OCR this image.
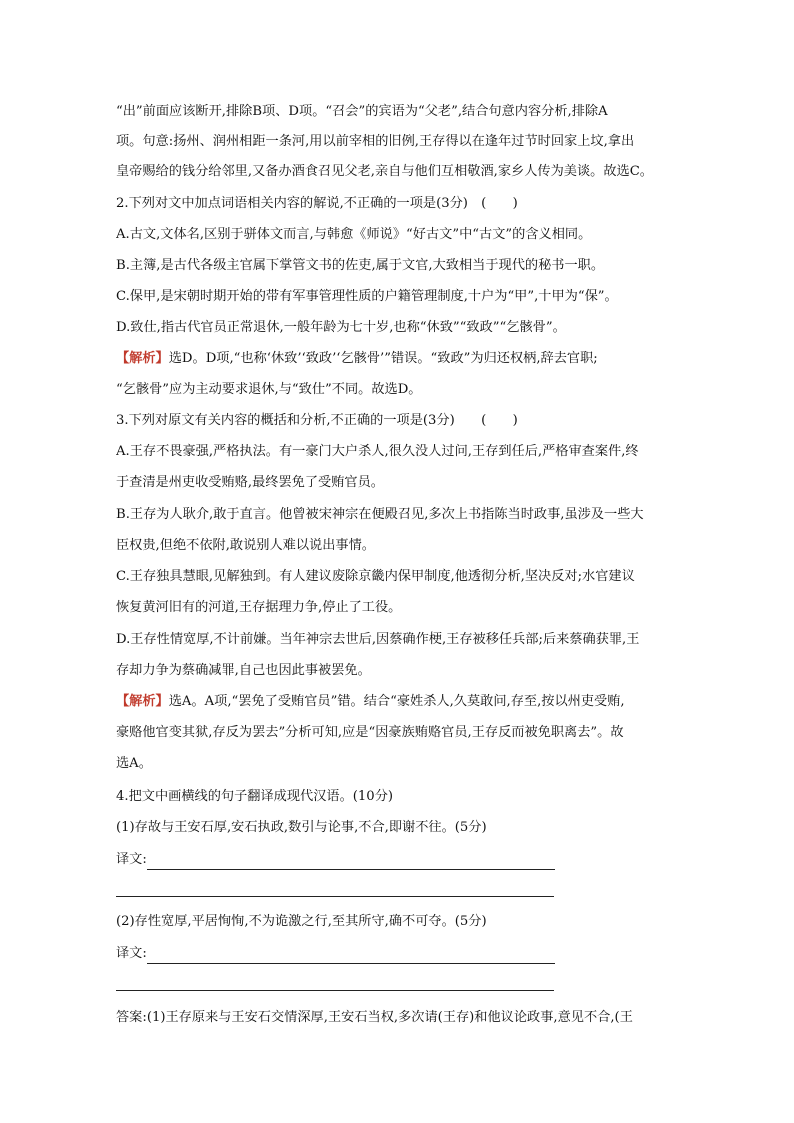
“出”前面应该断开,排除B项、D项。“召会”的宾语为“父老”,结合句意内容分析,排除A
项。句意:扬州、润州相距一条河,用以前宰相的旧例,王存得以在逢年过节时回家上坟,拿出
皇帝赐给的钱分给邻里,又备办酒食召见父老,亲自与他们互相敬酒,家乡人传为美谈。故选C。
2.下列对文中加点词语相关内容的解说,不正确的一项是(3分)　(　　)
A.古文,文体名,区别于骈体文而言,与韩愈《师说》“好古文”中“古文”的含义相同。
B.主簿,是古代各级主官属下掌管文书的佐吏,属于文官,大致相当于现代的秘书一职。
C.保甲,是宋朝时期开始的带有军事管理性质的户籍管理制度,十户为“甲”,十甲为“保”。
D.致仕,指古代官员正常退休,一般年龄为七十岁,也称“休致”“致政”“乞骸骨”。
【解析】选D。D项,“也称‘休致’‘致政’‘乞骸骨’”错误。“致政”为归还权柄,辞去官职;
“乞骸骨”应为主动要求退休,与“致仕”不同。故选D。
3.下列对原文有关内容的概括和分析,不正确的一项是(3分)　　(　　)
A.王存不畏豪强,严格执法。有一豪门大户杀人,很久没人过问,王存到任后,严格审查案件,终
于查清是州吏收受贿赂,最终罢免了受贿官员。
B.王存为人耿介,敢于直言。他曾被宋神宗在便殿召见,多次上书指陈当时政事,虽涉及一些大
臣权贵,但绝不依附,敢说别人难以说出事情。
C.王存独具慧眼,见解独到。有人建议废除京畿内保甲制度,他透彻分析,坚决反对;水官建议
恢复黄河旧有的河道,王存据理力争,停止了工役。
D.王存性情宽厚,不计前嫌。当年神宗去世后,因蔡确作梗,王存被移任兵部;后来蔡确获罪,王
存却力争为蔡确减罪,自己也因此事被罢免。
【解析】选A。A项,“罢免了受贿官员”错。结合“豪姓杀人,久莫敢问,存至,按以州吏受贿,
豪赂他官变其狱,存反为罢去”分析可知,应是“因豪族贿赂官员,王存反而被免职离去”。故
选A。
4.把文中画横线的句子翻译成现代汉语。(10分)
(1)存故与王安石厚,安石执政,数引与论事,不合,即谢不往。(5分)
译文:
(2)存性宽厚,平居恂恂,不为诡激之行,至其所守,确不可夺。(5分)
译文:
答案:(1)王存原来与王安石交情深厚,王安石当权,多次请(王存)和他议论政事,意见不合,(王
